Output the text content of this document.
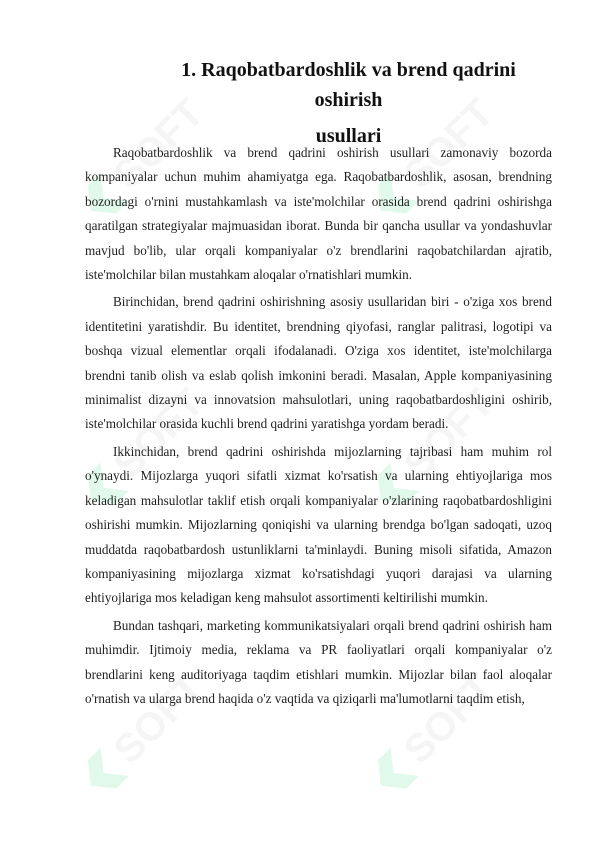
SOFT	SOFT
SOFT	SOFT
SOFT	SOFT
1. Raqobatbardoshlik va brend qadrini oshirish
usullari

Raqobatbardoshlik va brend qadrini oshirish usullari zamonaviy bozorda kompaniyalar uchun muhim ahamiyatga ega. Raqobatbardoshlik, asosan, brendning bozordagi o'rnini mustahkamlash va iste'molchilar orasida brend qadrini oshirishga qaratilgan strategiyalar majmuasidan iborat. Bunda bir qancha usullar va yondashuvlar mavjud bo'lib, ular orqali kompaniyalar o'z brendlarini raqobatchilardan ajratib, iste'molchilar bilan mustahkam aloqalar o'rnatishlari mumkin.

Birinchidan, brend qadrini oshirishning asosiy usullaridan biri - o'ziga xos brend identitetini yaratishdir. Bu identitet, brendning qiyofasi, ranglar palitrasi, logotipi va boshqa vizual elementlar orqali ifodalanadi. O'ziga xos identitet, iste'molchilarga brendni tanib olish va eslab qolish imkonini beradi. Masalan, Apple kompaniyasining minimalist dizayni va innovatsion mahsulotlari, uning raqobatbardoshligini oshirib, iste'molchilar orasida kuchli brend qadrini yaratishga yordam beradi.

Ikkinchidan, brend qadrini oshirishda mijozlarning tajribasi ham muhim rol o'ynaydi. Mijozlarga yuqori sifatli xizmat ko'rsatish va ularning ehtiyojlariga mos keladigan mahsulotlar taklif etish orqali kompaniyalar o'zlarining raqobatbardoshligini oshirishi mumkin. Mijozlarning qoniqishi va ularning brendga bo'lgan sadoqati, uzoq muddatda raqobatbardosh ustunliklarni ta'minlaydi. Buning misoli sifatida, Amazon kompaniyasining mijozlarga xizmat ko'rsatishdagi yuqori darajasi va ularning ehtiyojlariga mos keladigan keng mahsulot assortimenti keltirilishi mumkin.

Bundan tashqari, marketing kommunikatsiyalari orqali brend qadrini oshirish ham muhimdir. Ijtimoiy media, reklama va PR faoliyatlari orqali kompaniyalar o'z brendlarini keng auditoriyaga taqdim etishlari mumkin. Mijozlar bilan faol aloqalar o'rnatish va ularga brend haqida o'z vaqtida va qiziqarli ma'lumotlarni taqdim etish,
